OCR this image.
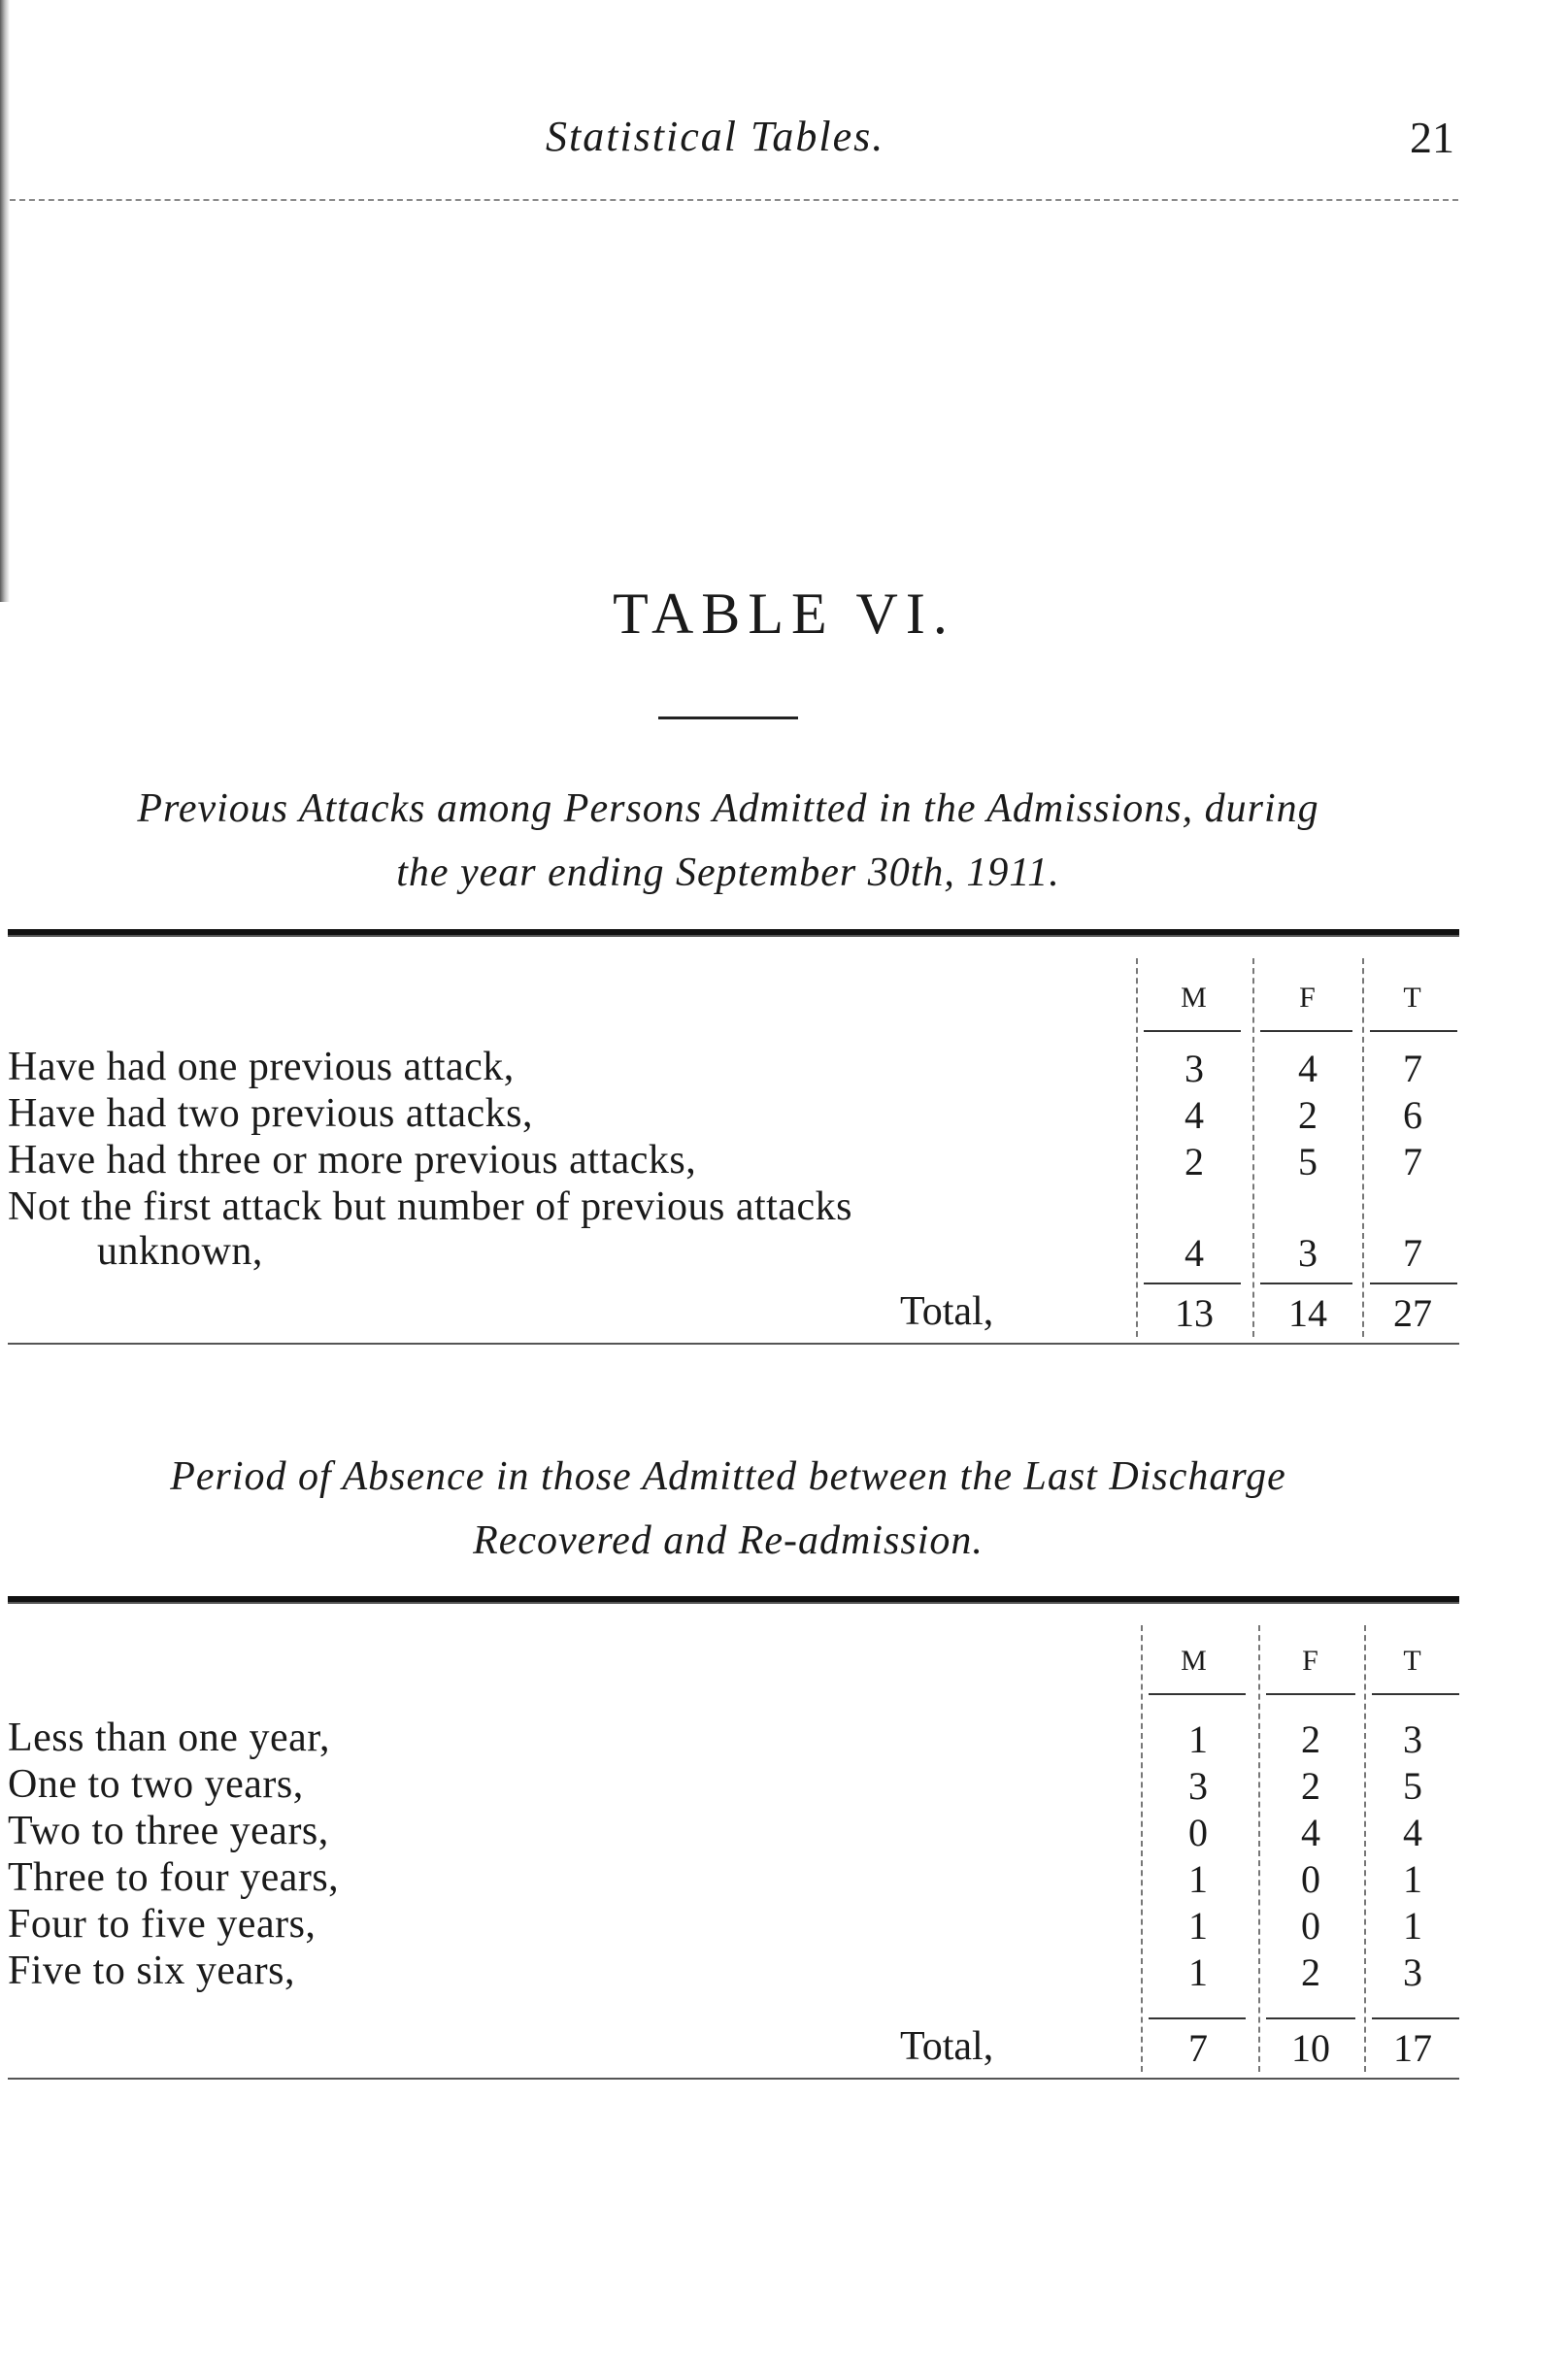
Statistical Tables.	21
TABLE VI.
Previous Attacks among Persons Admitted in the Admissions, during
the year ending September 30th, 1911.
M	F	T
Have had one previous attack,	3	4	7
Have had two previous attacks,	4	2	6
Have had three or more previous attacks,	2	5	7
Not the first attack but number of previous attacks
unknown,	4	3	7
Total,	13	14	27
Period of Absence in those Admitted between the Last Discharge
Recovered and Re-admission.
M	F	T
Less than one year,	1	2	3
One to two years,	3	2	5
Two to three years,	0	4	4
Three to four years,	1	0	1
Four to five years,	1	0	1
Five to six years,	1	2	3
Total,	7	10	17
